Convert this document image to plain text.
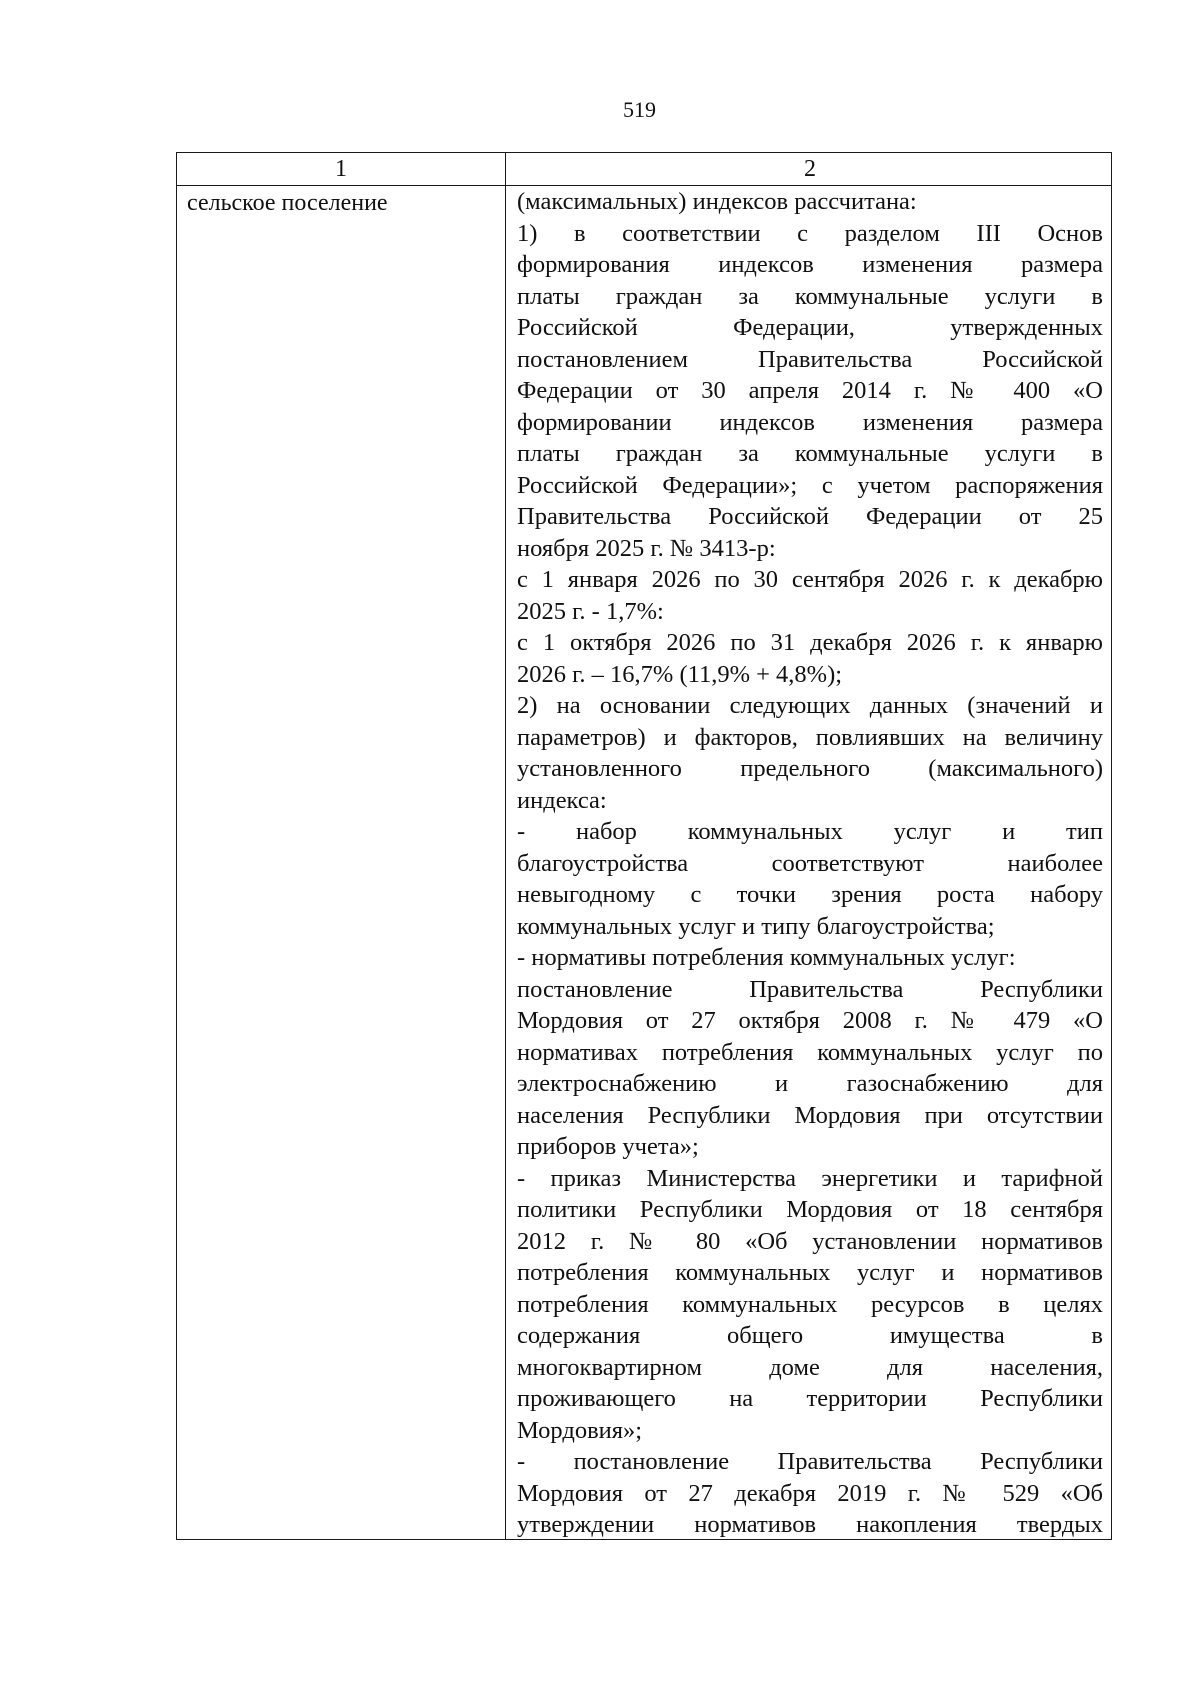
519
1	2
сельское поселение	(максимальных) индексов рассчитана:
1) в соответствии с разделом III Основ
формирования индексов изменения размера
платы граждан за коммунальные услуги в
Российской Федерации, утвержденных
постановлением Правительства Российской
Федерации от 30 апреля 2014 г. № 400 «О
формировании индексов изменения размера
платы граждан за коммунальные услуги в
Российской Федерации»; с учетом распоряжения
Правительства Российской Федерации от 25
ноября 2025 г. № 3413-р:
с 1 января 2026 по 30 сентября 2026 г. к декабрю
2025 г. - 1,7%:
с 1 октября 2026 по 31 декабря 2026 г. к январю
2026 г. – 16,7% (11,9% + 4,8%);
2) на основании следующих данных (значений и
параметров) и факторов, повлиявших на величину
установленного предельного (максимального)
индекса:
- набор коммунальных услуг и тип
благоустройства соответствуют наиболее
невыгодному с точки зрения роста набору
коммунальных услуг и типу благоустройства;
- нормативы потребления коммунальных услуг:
постановление Правительства Республики
Мордовия от 27 октября 2008 г. № 479 «О
нормативах потребления коммунальных услуг по
электроснабжению и газоснабжению для
населения Республики Мордовия при отсутствии
приборов учета»;
- приказ Министерства энергетики и тарифной
политики Республики Мордовия от 18 сентября
2012 г. № 80 «Об установлении нормативов
потребления коммунальных услуг и нормативов
потребления коммунальных ресурсов в целях
содержания общего имущества в
многоквартирном доме для населения,
проживающего на территории Республики
Мордовия»;
- постановление Правительства Республики
Мордовия от 27 декабря 2019 г. № 529 «Об
утверждении нормативов накопления твердых
